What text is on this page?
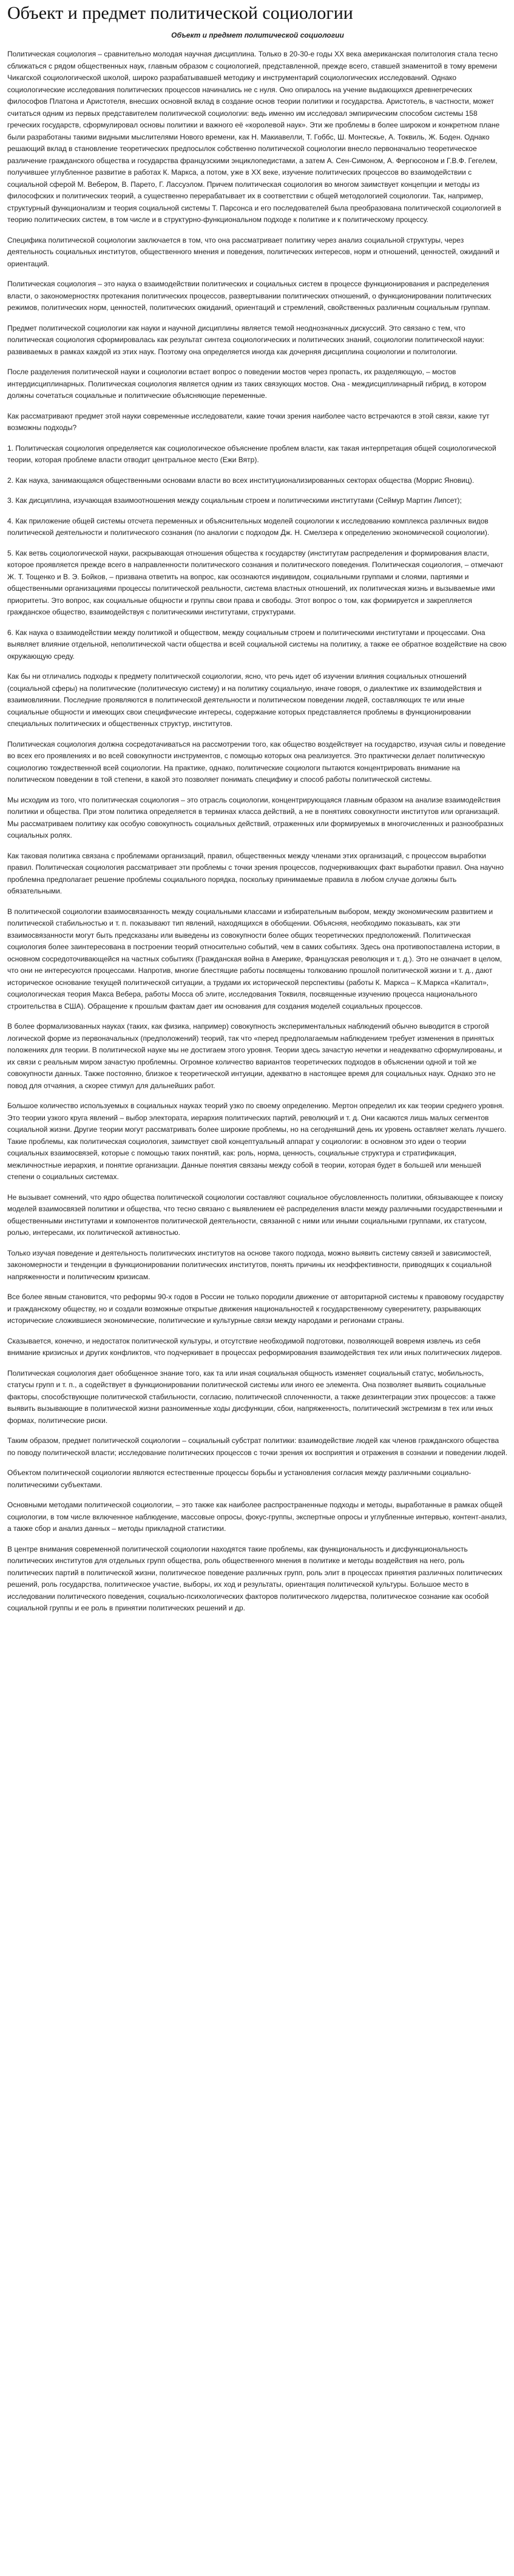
Объект и предмет политической социологии
Объект и предмет политической социологии

Политическая социология – сравнительно молодая научная дисциплина. Только в 20-30-е годы XX века американская политология стала тесно сближаться с рядом общественных наук, главным образом с социологией, представленной, прежде всего, ставшей знаменитой в тому времени Чикагской социологической школой, широко разрабатывавшей методику и инструментарий социологических исследований. Однако социологические исследования политических процессов начинались не с нуля. Оно опиралось на учение выдающихся древнегреческих философов Платона и Аристотеля, внесших основной вклад в создание основ теории политики и государства. Аристотель, в частности, может считаться одним из первых представителем политической социологии: ведь именно им исследовал эмпирическим способом системы 158 греческих государств, сформулировал основы политики и важного её «королевой наук». Эти же проблемы в более широком и конкретном плане были разработаны такими видными мыслителями Нового времени, как Н. Макиавелли, Т. Гоббс, Ш. Монтескье, А. Токвиль, Ж. Боден. Однако решающий вклад в становление теоретических предпосылок собственно политической социологии внесло первоначально теоретическое различение гражданского общества и государства французскими энциклопедистами, а затем А. Сен-Симоном, А. Фергюсоном и Г.В.Ф. Гегелем, получившее углубленное развитие в работах К. Маркса, а потом, уже в XX веке, изучение политических процессов во взаимодействии с социальной сферой М. Вебером, В. Парето, Г. Лассуэлом. Причем политическая социология во многом заимствует концепции и методы из философских и политических теорий, а существенно перерабатывает их в соответствии с общей методологией социологии. Так, например, структурный функционализм и теория социальной системы Т. Парсонса и его последователей была преобразована политической социологией в теорию политических систем, в том числе и в структурно-функциональном подходе к политике и к политическому процессу.

Специфика политической социологии заключается в том, что она рассматривает политику через анализ социальной структуры, через деятельность социальных институтов, общественного мнения и поведения, политических интересов, норм и отношений, ценностей, ожиданий и ориентаций.

Политическая социология – это наука о взаимодействии политических и социальных систем в процессе функционирования и распределения власти, о закономерностях протекания политических процессов, развертывании политических отношений, о функционировании политических режимов, политических норм, ценностей, политических ожиданий, ориентаций и стремлений, свойственных различным социальным группам.

Предмет политической социологии как науки и научной дисциплины является темой неоднозначных дискуссий. Это связано с тем, что политическая социология сформировалась как результат синтеза социологических и политических знаний, социологии политической науки: развиваемых в рамках каждой из этих наук. Поэтому она определяется иногда как дочерняя дисциплина социологии и политологии.

После разделения политической науки и социологии встает вопрос о поведении мостов через пропасть, их разделяющую, – мостов интердисциплинарных. Политическая социология является одним из таких связующих мостов. Она - междисциплинарный гибрид, в котором должны сочетаться социальные и политические объясняющие переменные.

Как рассматривают предмет этой науки современные исследователи, какие точки зрения наиболее часто встречаются в этой связи, какие тут возможны подходы?

1. Политическая социология определяется как социологическое объяснение проблем власти, как такая интерпретация общей социологической теории, которая проблеме власти отводит центральное место (Ежи Вятр).

2. Как наука, занимающаяся общественными основами власти во всех институционализированных секторах общества (Моррис Яновиц).

3. Как дисциплина, изучающая взаимоотношения между социальным строем и политическими институтами (Сеймур Мартин Липсет);

4. Как приложение общей системы отсчета переменных и объяснительных моделей социологии к исследованию комплекса различных видов политической деятельности и политического сознания (по аналогии с подходом Дж. Н. Смелзера к определению экономической социологии).

5. Как ветвь социологической науки, раскрывающая отношения общества к государству (институтам распределения и формирования власти, которое проявляется прежде всего в направленности политического сознания и политического поведения. Политическая социология, – отмечают Ж. Т. Тощенко и В. Э. Бойков, – призвана ответить на вопрос, как осознаются индивидом, социальными группами и слоями, партиями и общественными организациями процессы политической реальности, система властных отношений, их политическая жизнь и вызываемые ими приоритеты. Это вопрос, как социальные общности и группы свои права и свободы. Этот вопрос о том, как формируется и закрепляется гражданское общество, взаимодействуя с политическими институтами, структурами.

6. Как наука о взаимодействии между политикой и обществом, между социальным строем и политическими институтами и процессами. Она выявляет влияние отдельной, неполитической части общества и всей социальной системы на политику, а также ее обратное воздействие на свою окружающую среду.

Как бы ни отличались подходы к предмету политической социологии, ясно, что речь идет об изучении влияния социальных отношений (социальной сферы) на политические (политическую систему) и на политику социальную, иначе говоря, о диалектике их взаимодействия и взаимовлиянии. Последние проявляются в политической деятельности и политическом поведении людей, составляющих те или иные социальные общности и имеющих свои специфические интересы, содержание которых представляется проблемы в функционировании специальных политических и общественных структур, институтов.

Политическая социология должна сосредотачиваться на рассмотрении того, как общество воздействует на государство, изучая силы и поведение во всех его проявлениях и во всей совокупности инструментов, с помощью которых она реализуется. Это практически делает политическую социологию тождественной всей социологии. На практике, однако, политические социологи пытаются концентрировать внимание на политическом поведении в той степени, в какой это позволяет понимать специфику и способ работы политической системы.

Мы исходим из того, что политическая социология – это отрасль социологии, концентрирующаяся главным образом на анализе взаимодействия политики и общества. При этом политика определяется в терминах класса действий, а не в понятиях совокупности институтов или организаций. Мы рассматриваем политику как особую совокупность социальных действий, отраженных или формируемых в многочисленных и разнообразных социальных ролях.

Как таковая политика связана с проблемами организаций, правил, общественных между членами этих организаций, с процессом выработки правил. Политическая социология рассматривает эти проблемы с точки зрения процессов, подчеркивающих факт выработки правил. Она научно проблемна предполагает решение проблемы социального порядка, поскольку принимаемые правила в любом случае должны быть обязательными.

В политической социологии взаимосвязанность между социальными классами и избирательным выбором, между экономическим развитием и политической стабильностью и т. п. показывают тип явлений, находящихся в обобщении. Объясняя, необходимо показывать, как эти взаимосвязанности могут быть предсказаны или выведены из совокупности более общих теоретических предположений. Политическая социология более заинтересована в построении теорий относительно событий, чем в самих событиях. Здесь она противопоставлена истории, в основном сосредоточивающейся на частных событиях (Гражданская война в Америке, Французская революция и т. д.). Это не означает в целом, что они не интересуются процессами. Напротив, многие блестящие работы посвящены толкованию прошлой политической жизни и т. д., дают историческое основание текущей политической ситуации, а трудами их исторической перспективы (работы К. Маркса – К.Маркса «Капитал», социологическая теория Макса Вебера, работы Мосса об элите, исследования Токвиля, посвященные изучению процесса национального строительства в США). Обращение к прошлым фактам дает им основания для создания моделей социальных процессов.

В более формализованных науках (таких, как физика, например) совокупность экспериментальных наблюдений обычно выводится в строгой логической форме из первоначальных (предположений) теорий, так что «перед предполагаемым наблюдением требует изменения в принятых положениях для теории. В политической науке мы не достигаем этого уровня. Теории здесь зачастую нечетки и неадекватно сформулированы, и их связи с реальным миром зачастую проблемны. Огромное количество вариантов теоретических подходов в объяснении одной и той же совокупности данных. Также постоянно, близкое к теоретической интуиции, адекватно в настоящее время для социальных наук. Однако это не повод для отчаяния, а скорее стимул для дальнейших работ.

Большое количество используемых в социальных науках теорий узко по своему определению. Мертон определил их как теории среднего уровня. Это теории узкого круга явлений – выбор электората, иерархия политических партий, революций и т. д. Они касаются лишь малых сегментов социальной жизни. Другие теории могут рассматривать более широкие проблемы, но на сегодняшний день их уровень оставляет желать лучшего. Такие проблемы, как политическая социология, заимствует свой концептуальный аппарат у социологии: в основном это идеи о теории социальных взаимосвязей, которые с помощью таких понятий, как: роль, норма, ценность, социальные структура и стратификация, межличностные иерархия, и понятие организации. Данные понятия связаны между собой в теории, которая будет в большей или меньшей степени о социальных системах.

Не вызывает сомнений, что ядро общества политической социологии составляют социальное обусловленность политики, обязывающее к поиску моделей взаимосвязей политики и общества, что тесно связано с выявлением её распределения власти между различными государственными и общественными институтами и компонентов политической деятельности, связанной с ними или иными социальными группами, их статусом, ролью, интересами, их политической активностью.

Только изучая поведение и деятельность политических институтов на основе такого подхода, можно выявить систему связей и зависимостей, закономерности и тенденции в функционировании политических институтов, понять причины их неэффективности, приводящих к социальной напряженности и политическим кризисам.

Все более явным становится, что реформы 90-х годов в России не только породили движение от авторитарной системы к правовому государству и гражданскому обществу, но и создали возможные открытые движения национальностей к государственному суверенитету, разрывающих исторические сложившиеся экономические, политические и культурные связи между народами и регионами страны.

Сказывается, конечно, и недостаток политической культуры, и отсутствие необходимой подготовки, позволяющей вовремя извлечь из себя внимание кризисных и других конфликтов, что подчеркивает в процессах реформирования взаимодействия тех или иных политических лидеров.

Политическая социология дает обобщенное знание того, как та или иная социальная общность изменяет социальный статус, мобильность, статусы групп и т. п., а содействует в функционировании политической системы или иного ее элемента. Она позволяет выявить социальные факторы, способствующие политической стабильности, согласию, политической сплоченности, а также дезинтеграции этих процессов: а также выявить вызывающие в политической жизни разноименные ходы дисфункции, сбои, напряженность, политический экстремизм в тех или иных формах, политические риски.

Таким образом, предмет политической социологии – социальный субстрат политики: взаимодействие людей как членов гражданского общества по поводу политической власти; исследование политических процессов с точки зрения их восприятия и отражения в сознании и поведении людей.

Объектом политической социологии являются естественные процессы борьбы и установления согласия между различными социально-политическими субъектами.

Основными методами политической социологии, – это также как наиболее распространенные подходы и методы, выработанные в рамках общей социологии, в том числе включенное наблюдение, массовые опросы, фокус-группы, экспертные опросы и углубленные интервью, контент-анализ, а также сбор и анализ данных – методы прикладной статистики.

В центре внимания современной политической социологии находятся такие проблемы, как функциональность и дисфункциональность политических институтов для отдельных групп общества, роль общественного мнения в политике и методы воздействия на него, роль политических партий в политической жизни, политическое поведение различных групп, роль элит в процессах принятия различных политических решений, роль государства, политическое участие, выборы, их ход и результаты, ориентация политической культуры. Большое место в исследовании политического поведения, социально-психологических факторов политического лидерства, политическое сознание как особой социальной группы и ее роль в принятии политических решений и др.
